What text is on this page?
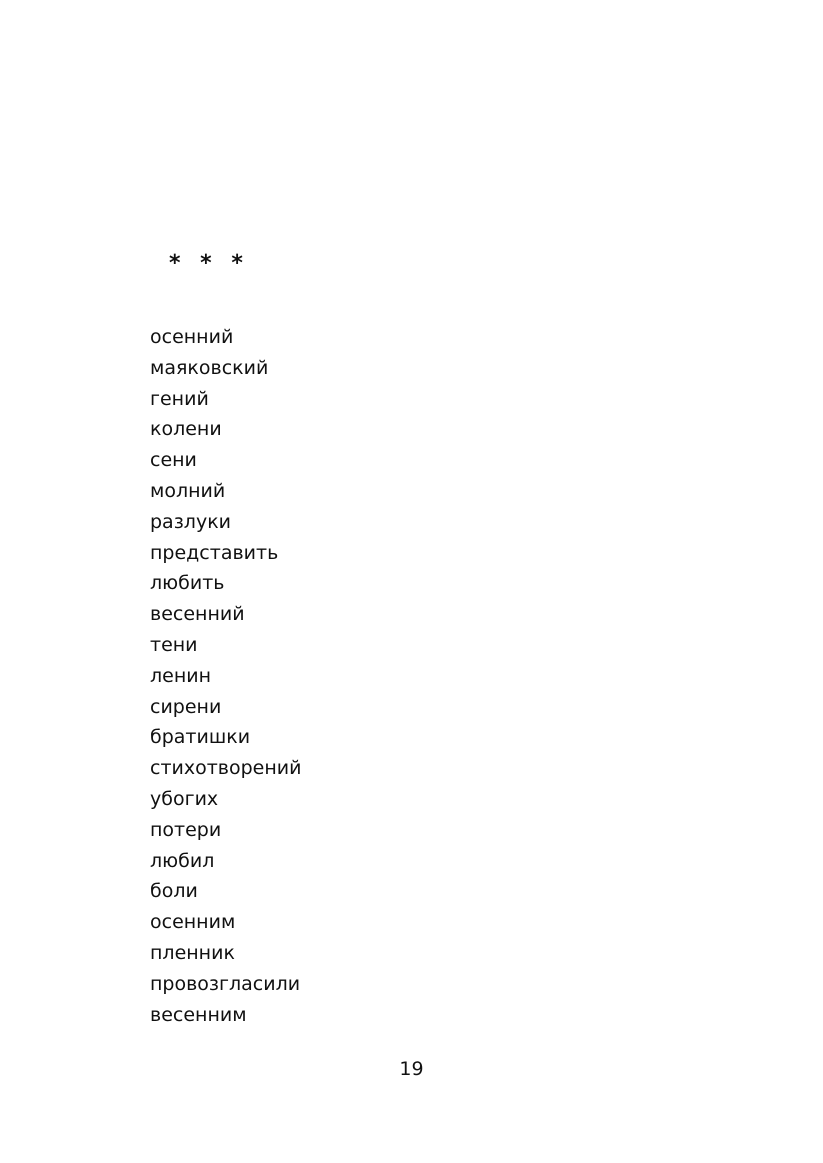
* * *
осенний
маяковский
гений
колени
сени
молний
разлуки
представить
любить
весенний
тени
ленин
сирени
братишки
стихотворений
убогих
потери
любил
боли
осенним
пленник
провозгласили
весенним
19
